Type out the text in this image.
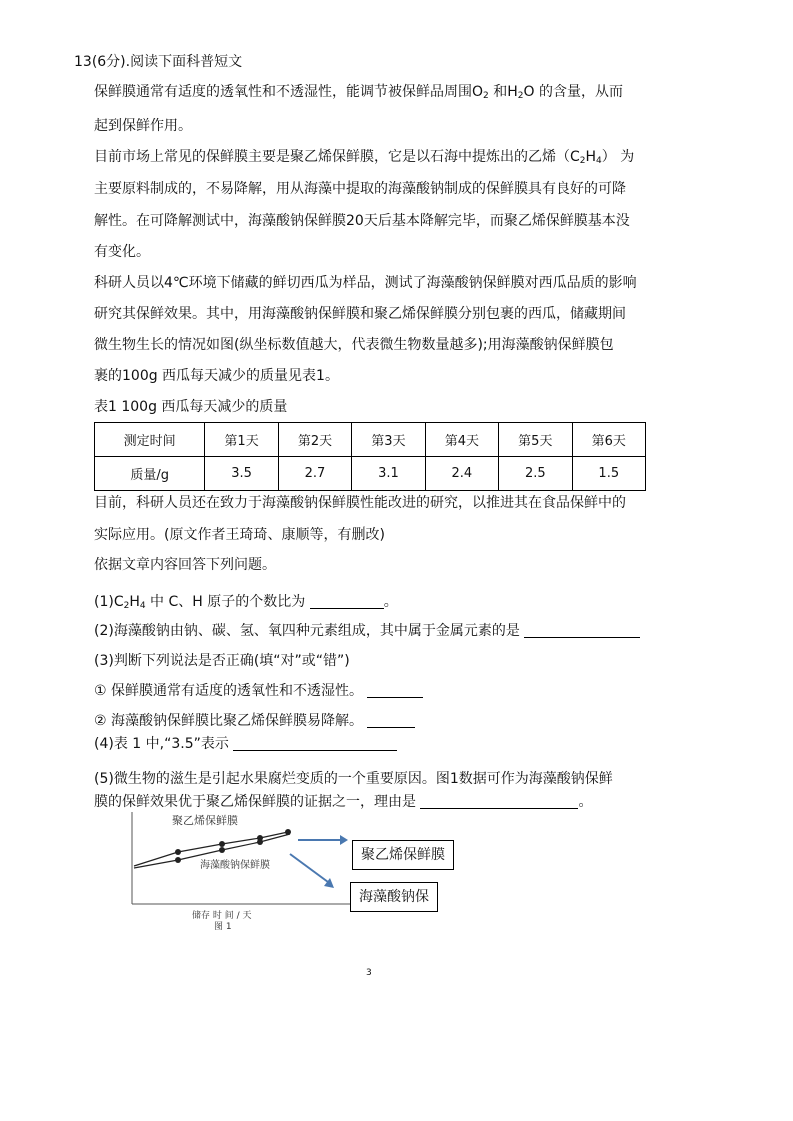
13(6分).阅读下面科普短文
保鲜膜通常有适度的透氧性和不透湿性，能调节被保鲜品周围$O_2$ 和$H_2O$ 的含量，从而
起到保鲜作用。
目前市场上常见的保鲜膜主要是聚乙烯保鲜膜，它是以石海中提炼出的乙烯$(C_2H_4)$ 为
主要原料制成的，不易降解，用从海藻中提取的海藻酸钠制成的保鲜膜具有良好的可降
解性。在可降解测试中，海藻酸钠保鲜膜20天后基本降解完毕，而聚乙烯保鲜膜基本没
有变化。
科研人员以4℃环境下储藏的鲜切西瓜为样品，测试了海藻酸钠保鲜膜对西瓜品质的影响
研究其保鲜效果。其中，用海藻酸钠保鲜膜和聚乙烯保鲜膜分别包裹的西瓜，储藏期间
微生物生长的情况如图(纵坐标数值越大，代表微生物数量越多);用海藻酸钠保鲜膜包
裹的100g 西瓜每天减少的质量见表1。
表1 100g 西瓜每天减少的质量
测定时间	第1天	第2天	第3天	第4天	第5天	第6天
质量/g	3.5	2.7	3.1	2.4	2.5	1.5
目前，科研人员还在致力于海藻酸钠保鲜膜性能改进的研究，以推进其在食品保鲜中的
实际应用。(原文作者王琦琦、康顺等，有删改)
依据文章内容回答下列问题。
$(1)C_2H_4$ 中 C、H 原子的个数比为	。
(2)海藻酸钠由钠、碳、氢、氧四种元素组成，其中属于金属元素的是
(3)判断下列说法是否正确(填“对”或“错”)
① 保鲜膜通常有适度的透氧性和不透湿性。
② 海藻酸钠保鲜膜比聚乙烯保鲜膜易降解。
(4)表 1 中,“3.5”表示
(5)微生物的滋生是引起水果腐烂变质的一个重要原因。图1数据可作为海藻酸钠保鲜
膜的保鲜效果优于聚乙烯保鲜膜的证据之一，理由是	。
聚乙烯保鲜膜
海藻酸钠保鲜膜
储存 时 间 / 天
图 1
聚乙烯保鲜膜
海藻酸钠保
3
